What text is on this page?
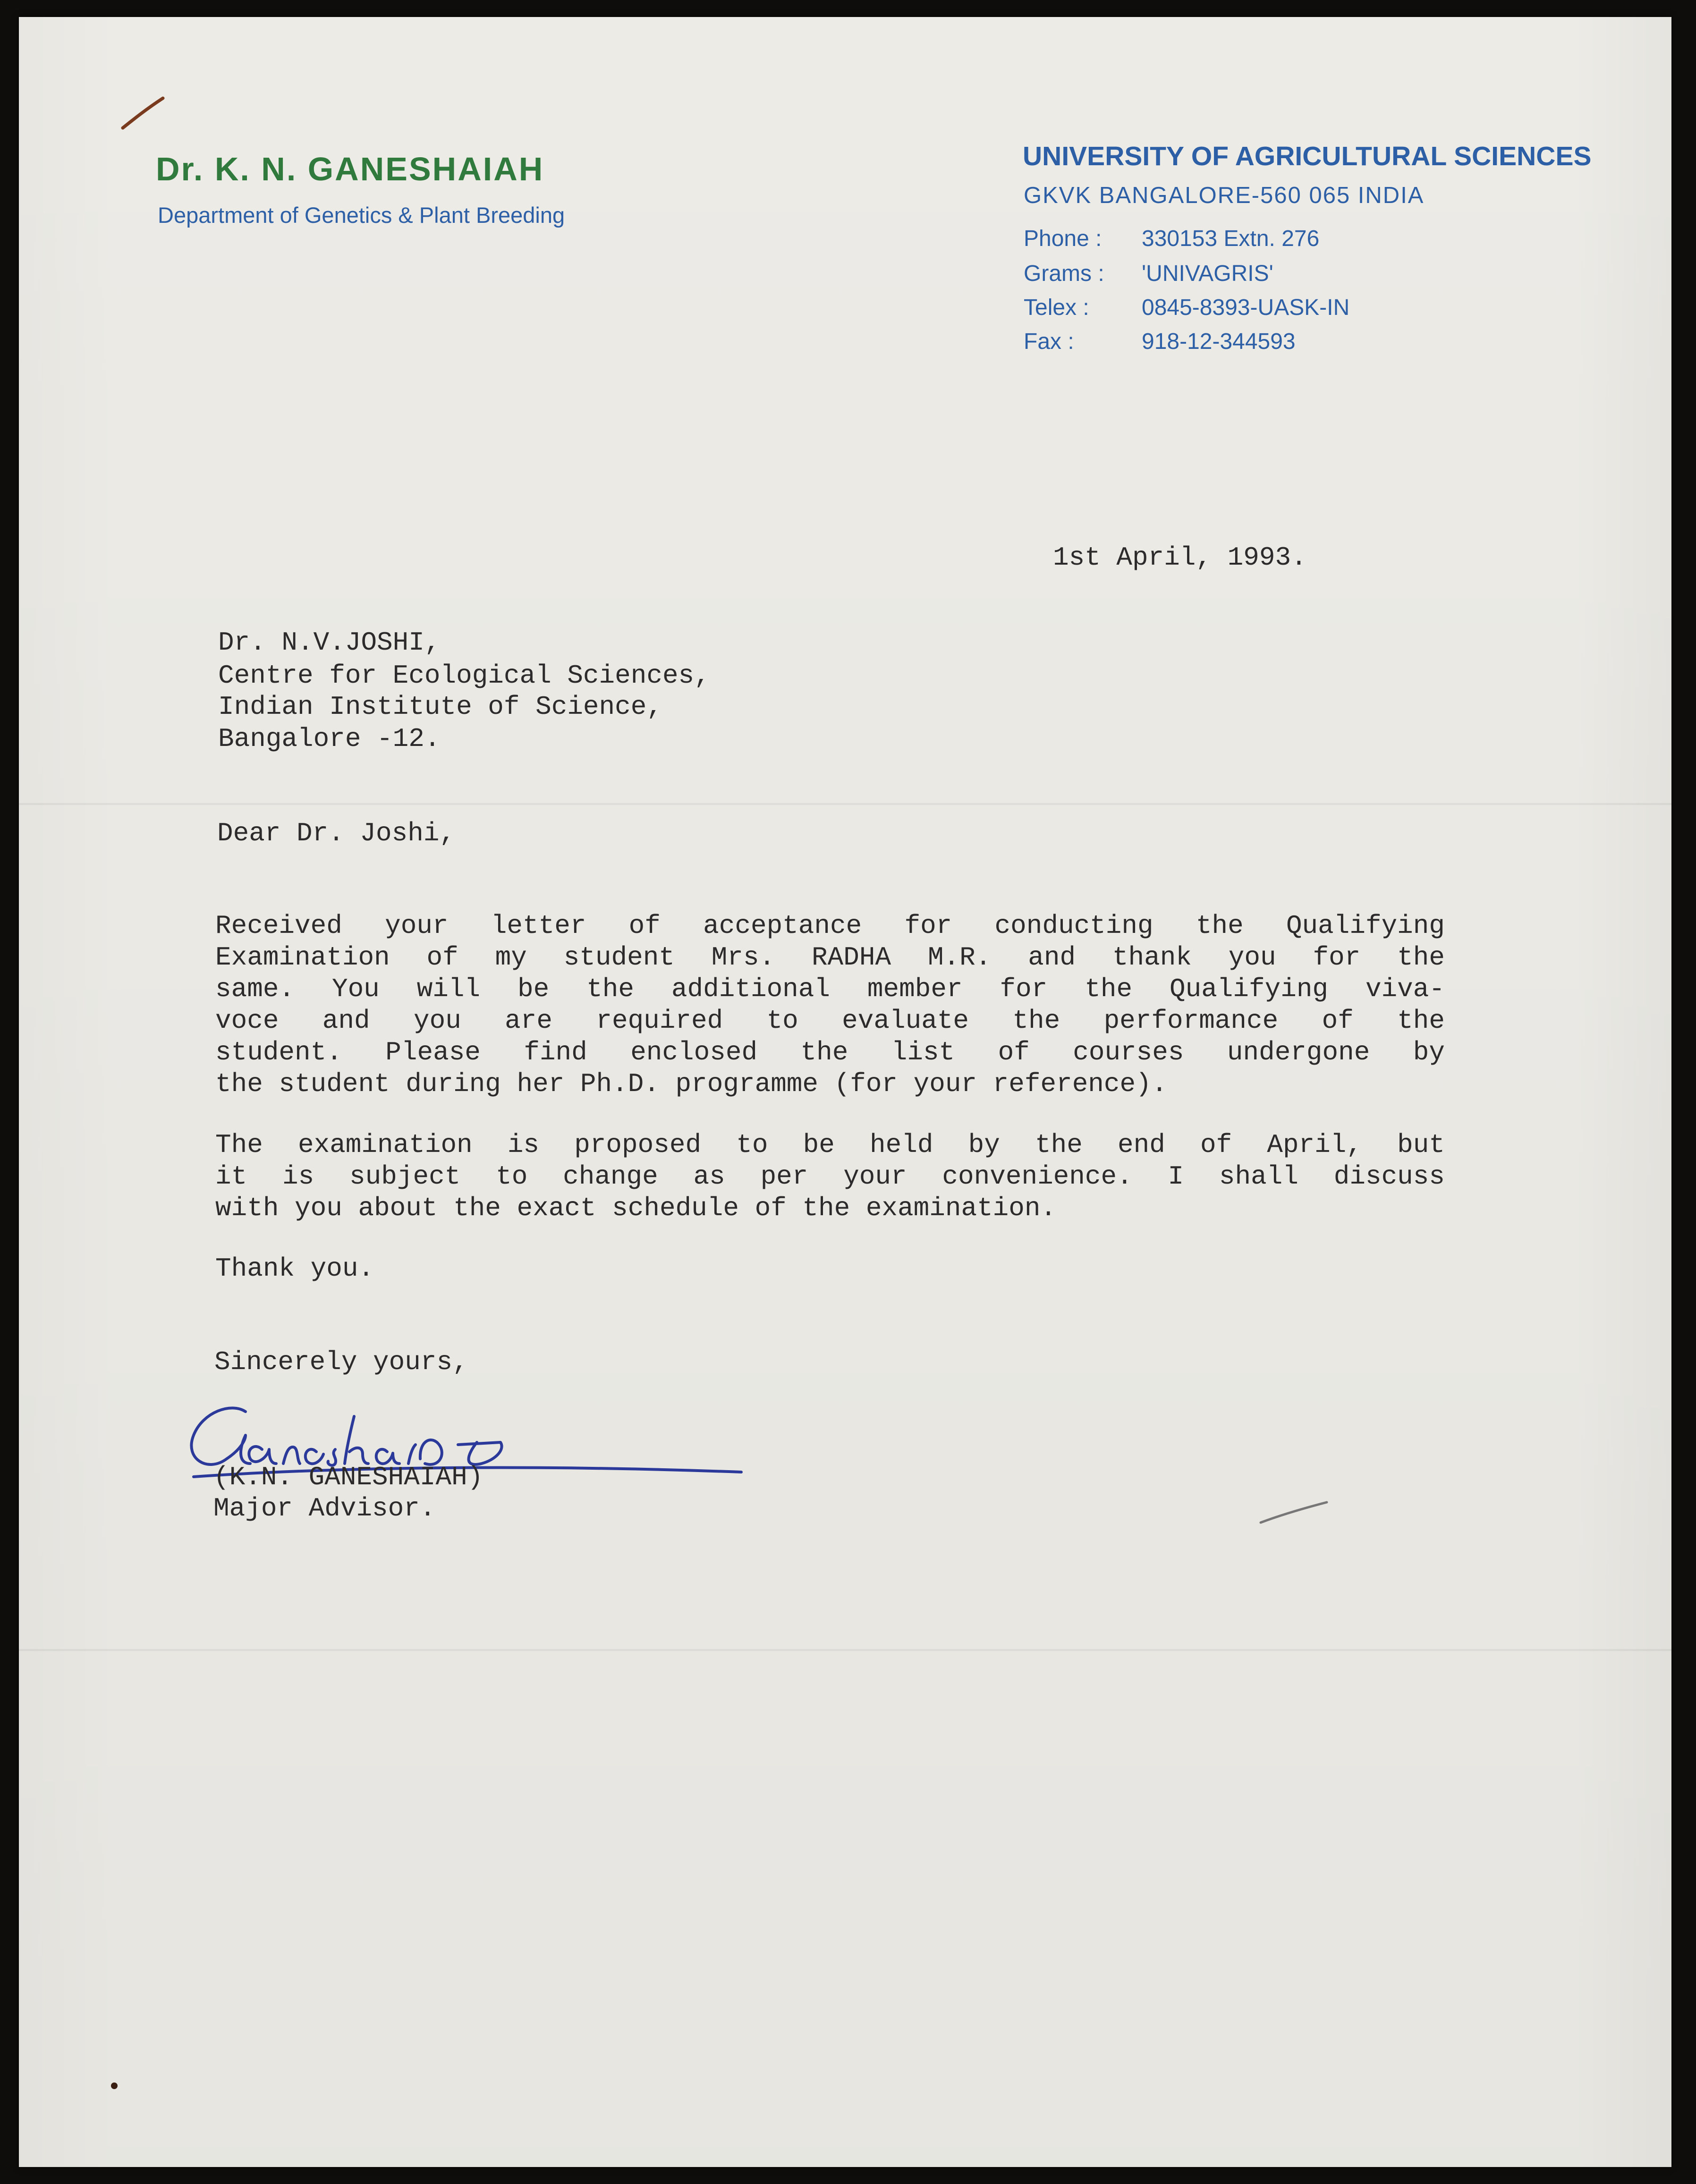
Dr. K. N. GANESHAIAH
Department of Genetics & Plant Breeding
UNIVERSITY OF AGRICULTURAL SCIENCES
GKVK BANGALORE-560 065 INDIA
Phone : 330153 Extn. 276
Grams : 'UNIVAGRIS'
Telex : 0845-8393-UASK-IN
Fax :	918-12-344593
1st April, 1993.
Dr. N.V.JOSHI,
Centre for Ecological Sciences,
Indian Institute of Science,
Bangalore -12.
Dear Dr. Joshi,
Received your letter of acceptance for conducting the Qualifying
Examination of my student Mrs. RADHA M.R. and thank you for the
same. You will be the additional member for the Qualifying viva-
voce and you are required to evaluate the performance of the
student. Please find enclosed the list of courses undergone by
the student during her Ph.D. programme (for your reference).
The examination is proposed to be held by the end of April, but
it is subject to change as per your convenience. I shall discuss
with you about the exact schedule of the examination.
Thank you.
Sincerely yours,
(K.N. GANESHAIAH)
Major Advisor.
